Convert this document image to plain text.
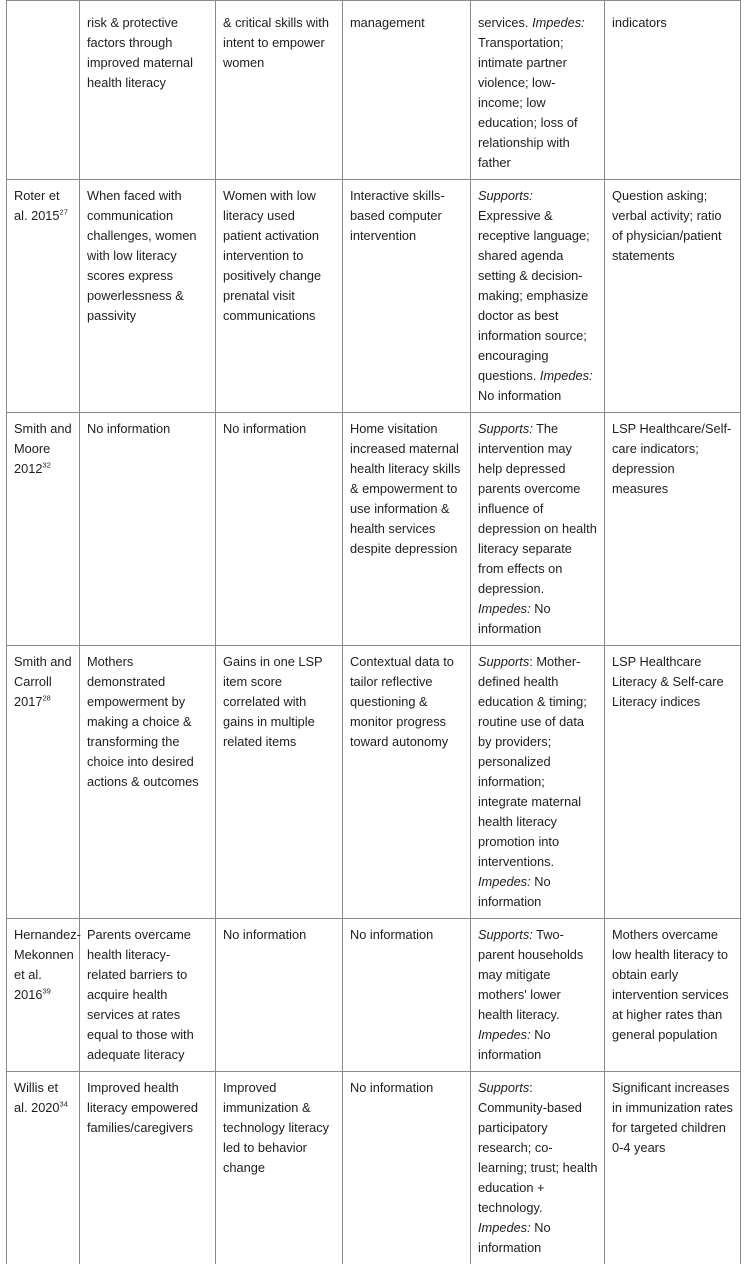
	risk & protective factors through improved maternal health literacy	& critical skills with intent to empower women	management	services. Impedes: Transportation; intimate partner violence; low-income; low education; loss of relationship with father	indicators
Roter et al. 2015$^{27}$	When faced with communication challenges, women with low literacy scores express powerlessness & passivity	Women with low literacy used patient activation intervention to positively change prenatal visit communications	Interactive skills-based computer intervention	Supports: Expressive & receptive language; shared agenda setting & decision-making; emphasize doctor as best information source; encouraging questions. Impedes: No information	Question asking; verbal activity; ratio of physician/patient statements
Smith and Moore 2012$^{32}$	No information	No information	Home visitation increased maternal health literacy skills & empowerment to use information & health services despite depression	Supports: The intervention may help depressed parents overcome influence of depression on health literacy separate from effects on depression. Impedes: No information	LSP Healthcare/Self-care indicators; depression measures
Smith and Carroll 2017$^{28}$	Mothers demonstrated empowerment by making a choice & transforming the choice into desired actions & outcomes	Gains in one LSP item score correlated with gains in multiple related items	Contextual data to tailor reflective questioning & monitor progress toward autonomy	Supports: Mother-defined health education & timing; routine use of data by providers; personalized information; integrate maternal health literacy promotion into interventions. Impedes: No information	LSP Healthcare Literacy & Self-care Literacy indices
Hernandez-Mekonnen et al. 2016$^{39}$	Parents overcame health literacy-related barriers to acquire health services at rates equal to those with adequate literacy	No information	No information	Supports: Two-parent households may mitigate mothers' lower health literacy. Impedes: No information	Mothers overcame low health literacy to obtain early intervention services at higher rates than general population
Willis et al. 2020$^{34}$	Improved health literacy empowered families/caregivers	Improved immunization & technology literacy led to behavior change	No information	Supports: Community-based participatory research; co-learning; trust; health education + technology. Impedes: No information	Significant increases in immunization rates for targeted children 0-4 years
